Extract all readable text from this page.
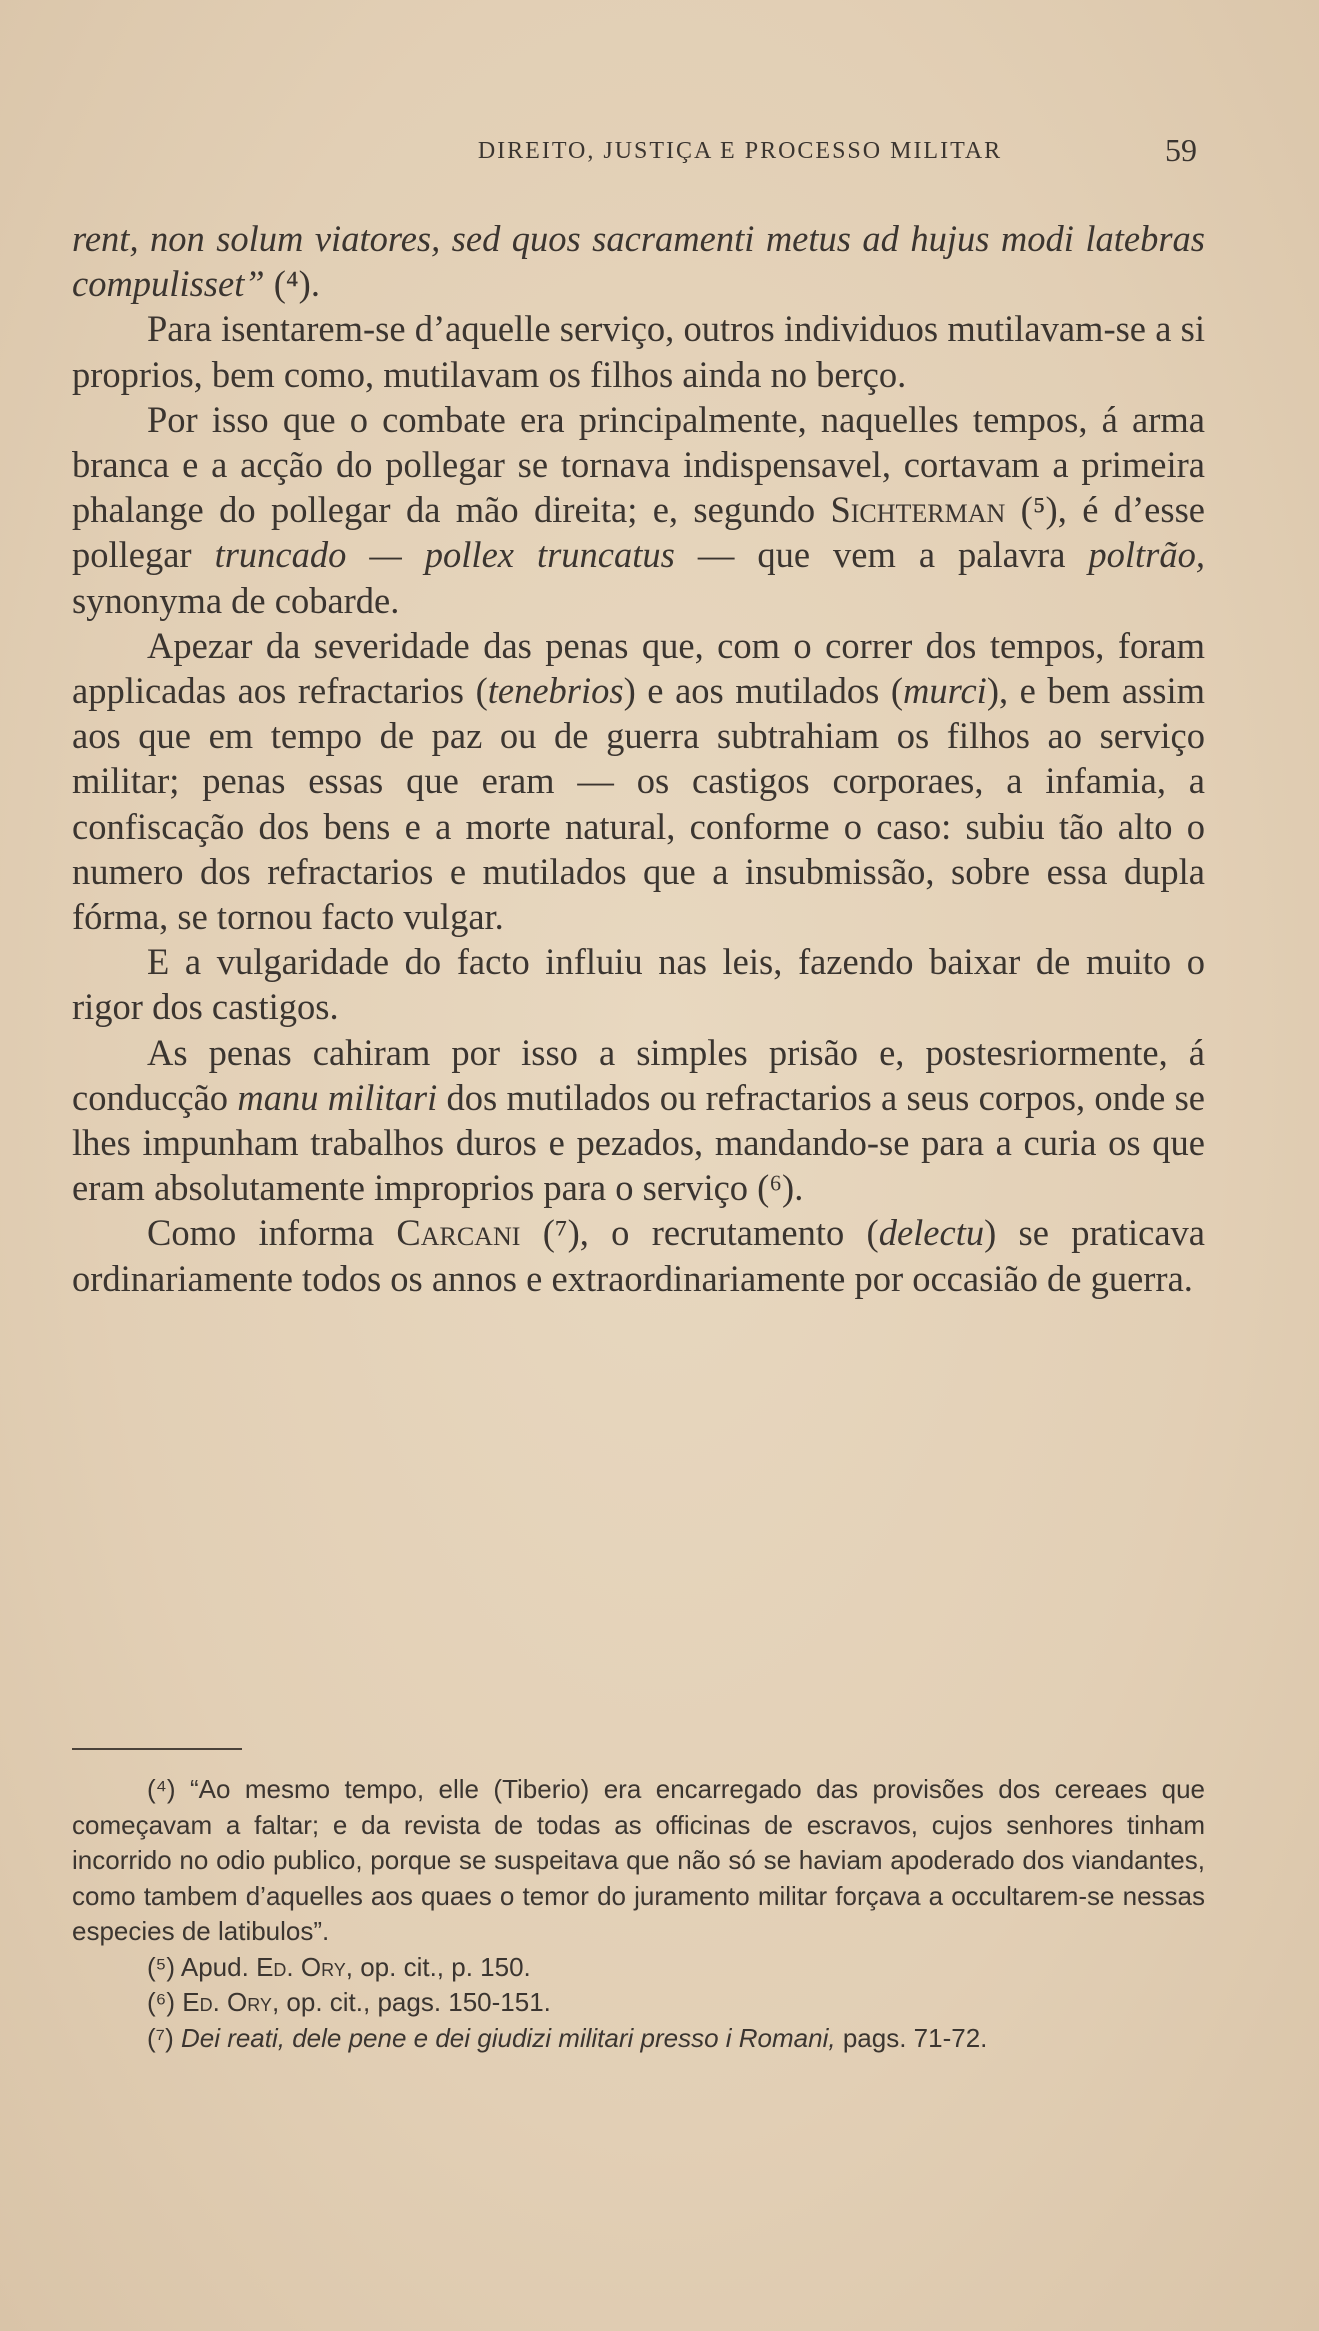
DIREITO, JUSTIÇA E PROCESSO MILITAR	59

rent, non solum viatores, sed quos sacramenti metus ad hujus modi latebras compulisset” (⁴).

Para isentarem-se d’aquelle serviço, outros individuos mutilavam-se a si proprios, bem como, mutilavam os filhos ainda no berço.

Por isso que o combate era principalmente, naquelles tempos, á arma branca e a acção do pollegar se tornava indispensavel, cortavam a primeira phalange do pollegar da mão direita; e, segundo Sichterman (⁵), é d’esse pollegar truncado — pollex truncatus — que vem a palavra poltrão, synonyma de cobarde.

Apezar da severidade das penas que, com o correr dos tempos, foram applicadas aos refractarios (tenebrios) e aos mutilados (murci), e bem assim aos que em tempo de paz ou de guerra subtrahiam os filhos ao serviço militar; penas essas que eram — os castigos corporaes, a infamia, a confiscação dos bens e a morte natural, conforme o caso: subiu tão alto o numero dos refractarios e mutilados que a insubmissão, sobre essa dupla fórma, se tornou facto vulgar.

E a vulgaridade do facto influiu nas leis, fazendo baixar de muito o rigor dos castigos.

As penas cahiram por isso a simples prisão e, postesriormente, á conducção manu militari dos mutilados ou refractarios a seus corpos, onde se lhes impunham trabalhos duros e pezados, mandando-se para a curia os que eram absolutamente improprios para o serviço (⁶).

Como informa Carcani (⁷), o recrutamento (delectu) se praticava ordinariamente todos os annos e extraordinariamente por occasião de guerra.

(⁴) “Ao mesmo tempo, elle (Tiberio) era encarregado das provisões dos cereaes que começavam a faltar; e da revista de todas as officinas de escravos, cujos senhores tinham incorrido no odio publico, porque se suspeitava que não só se haviam apoderado dos viandantes, como tambem d’aquelles aos quaes o temor do juramento militar forçava a occultarem-se nessas especies de latibulos”.

(⁵) Apud. Ed. Ory, op. cit., p. 150.

(⁶) Ed. Ory, op. cit., pags. 150-151.

(⁷) Dei reati, dele pene e dei giudizi militari presso i Romani, pags. 71-72.
